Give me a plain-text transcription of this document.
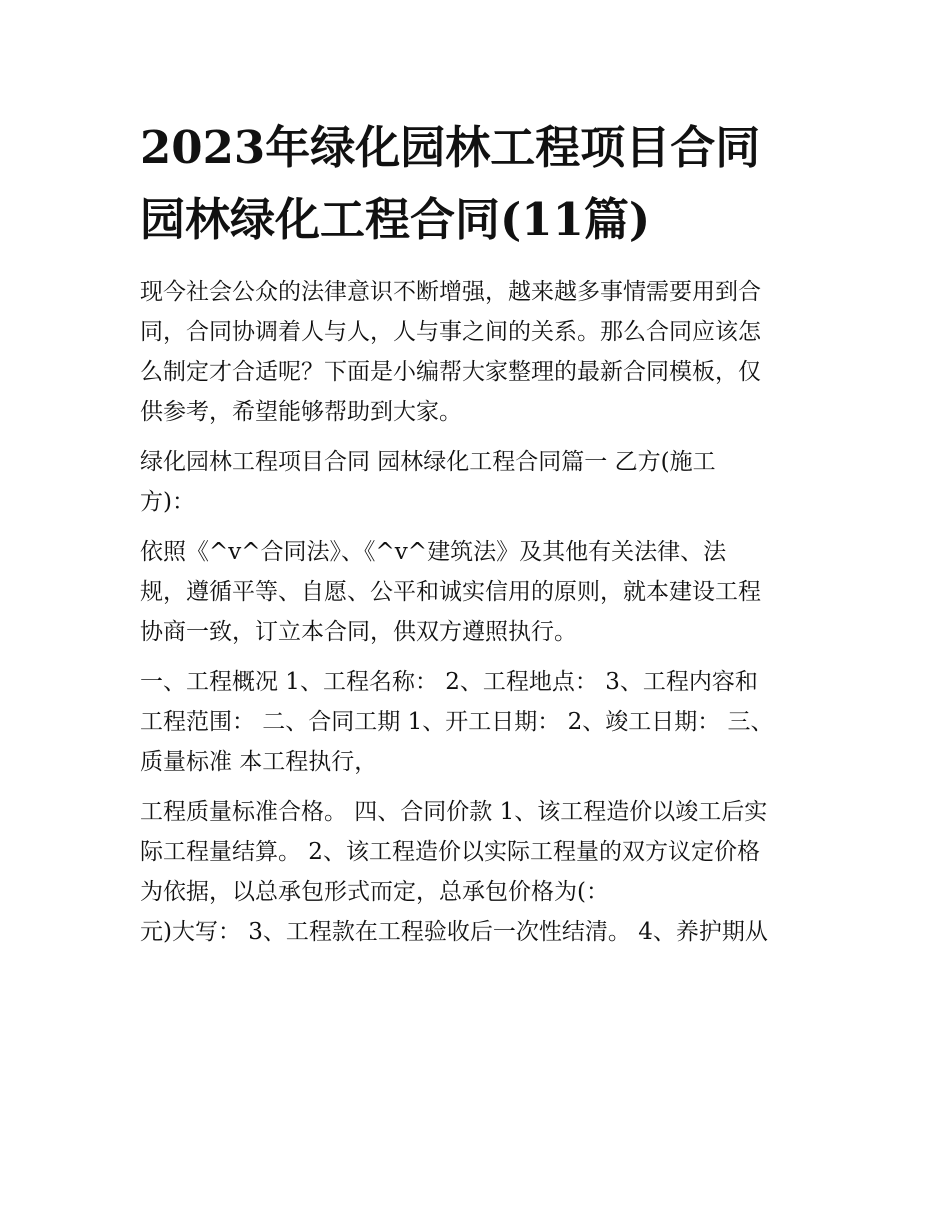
2023年绿化园林工程项目合同
园林绿化工程合同(11篇)
现今社会公众的法律意识不断增强，越来越多事情需要用到合
同，合同协调着人与人，人与事之间的关系。那么合同应该怎
么制定才合适呢？下面是小编帮大家整理的最新合同模板，仅
供参考，希望能够帮助到大家。
绿化园林工程项目合同 园林绿化工程合同篇一 乙方(施工
方)：
依照《^v^合同法》、《^v^建筑法》及其他有关法律、法
规，遵循平等、自愿、公平和诚实信用的原则，就本建设工程
协商一致，订立本合同，供双方遵照执行。
一、工程概况 1、工程名称： 2、工程地点： 3、工程内容和
工程范围： 二、合同工期 1、开工日期： 2、竣工日期： 三、
质量标准 本工程执行，
工程质量标准合格。 四、合同价款 1、该工程造价以竣工后实
际工程量结算。 2、该工程造价以实际工程量的双方议定价格
为依据，以总承包形式而定，总承包价格为(：
元)大写： 3、工程款在工程验收后一次性结清。 4、养护期从
